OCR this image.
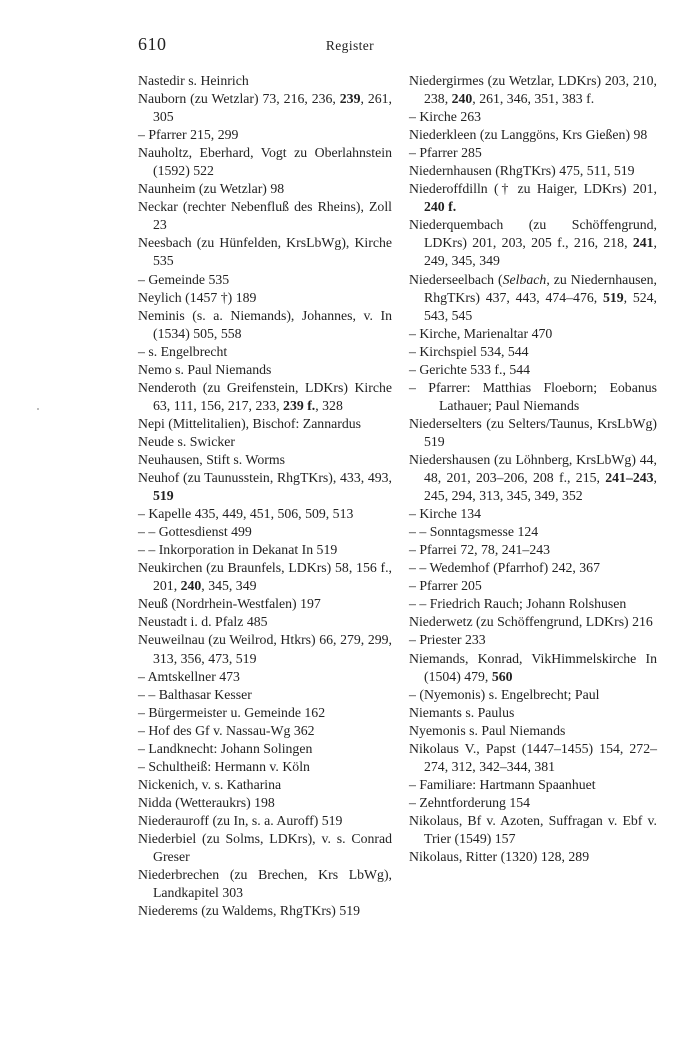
610	Register

Nastedir s. Heinrich

Nauborn (zu Wetzlar) 73, 216, 236, 239, 261, 305

– Pfarrer 215, 299

Nauholtz, Eberhard, Vogt zu Oberlahnstein (1592) 522

Naunheim (zu Wetzlar) 98

Neckar (rechter Nebenfluß des Rheins), Zoll 23

Neesbach (zu Hünfelden, KrsLbWg), Kirche 535

– Gemeinde 535

Neylich (1457 †) 189

Neminis (s. a. Niemands), Johannes, v. In (1534) 505, 558

– s. Engelbrecht

Nemo s. Paul Niemands

Nenderoth (zu Greifenstein, LDKrs) Kirche 63, 111, 156, 217, 233, 239 f., 328

Nepi (Mittelitalien), Bischof: Zannardus

Neude s. Swicker

Neuhausen, Stift s. Worms

Neuhof (zu Taunusstein, RhgTKrs), 433, 493, 519

– Kapelle 435, 449, 451, 506, 509, 513

– – Gottesdienst 499

– – Inkorporation in Dekanat In 519

Neukirchen (zu Braunfels, LDKrs) 58, 156 f., 201, 240, 345, 349

Neuß (Nordrhein-Westfalen) 197

Neustadt i. d. Pfalz 485

Neuweilnau (zu Weilrod, Htkrs) 66, 279, 299, 313, 356, 473, 519

– Amtskellner 473

– – Balthasar Kesser

– Bürgermeister u. Gemeinde 162

– Hof des Gf v. Nassau-Wg 362

– Landknecht: Johann Solingen

– Schultheiß: Hermann v. Köln

Nickenich, v. s. Katharina

Nidda (Wetteraukrs) 198

Niederauroff (zu In, s. a. Auroff) 519

Niederbiel (zu Solms, LDKrs), v. s. Conrad Greser

Niederbrechen (zu Brechen, Krs LbWg), Landkapitel 303

Niederems (zu Waldems, RhgTKrs) 519

Niedergirmes (zu Wetzlar, LDKrs) 203, 210, 238, 240, 261, 346, 351, 383 f.

– Kirche 263

Niederkleen (zu Langgöns, Krs Gießen) 98

– Pfarrer 285

Niedernhausen (RhgTKrs) 475, 511, 519

Niederoffdilln († zu Haiger, LDKrs) 201, 240 f.

Niederquembach (zu Schöffengrund, LDKrs) 201, 203, 205 f., 216, 218, 241, 249, 345, 349

Niederseelbach (Selbach, zu Niedernhausen, RhgTKrs) 437, 443, 474–476, 519, 524, 543, 545

– Kirche, Marienaltar 470

– Kirchspiel 534, 544

– Gerichte 533 f., 544

– Pfarrer: Matthias Floeborn; Eobanus Lathauer; Paul Niemands

Niederselters (zu Selters/Taunus, KrsLbWg) 519

Niedershausen (zu Löhnberg, KrsLbWg) 44, 48, 201, 203–206, 208 f., 215, 241–243, 245, 294, 313, 345, 349, 352

– Kirche 134

– – Sonntagsmesse 124

– Pfarrei 72, 78, 241–243

– – Wedemhof (Pfarrhof) 242, 367

– Pfarrer 205

– – Friedrich Rauch; Johann Rolshusen

Niederwetz (zu Schöffengrund, LDKrs) 216

– Priester 233

Niemands, Konrad, VikHimmelskirche In (1504) 479, 560

– (Nyemonis) s. Engelbrecht; Paul

Niemants s. Paulus

Nyemonis s. Paul Niemands

Nikolaus V., Papst (1447–1455) 154, 272–274, 312, 342–344, 381

– Familiare: Hartmann Spaanhuet

– Zehntforderung 154

Nikolaus, Bf v. Azoten, Suffragan v. Ebf v. Trier (1549) 157

Nikolaus, Ritter (1320) 128, 289
